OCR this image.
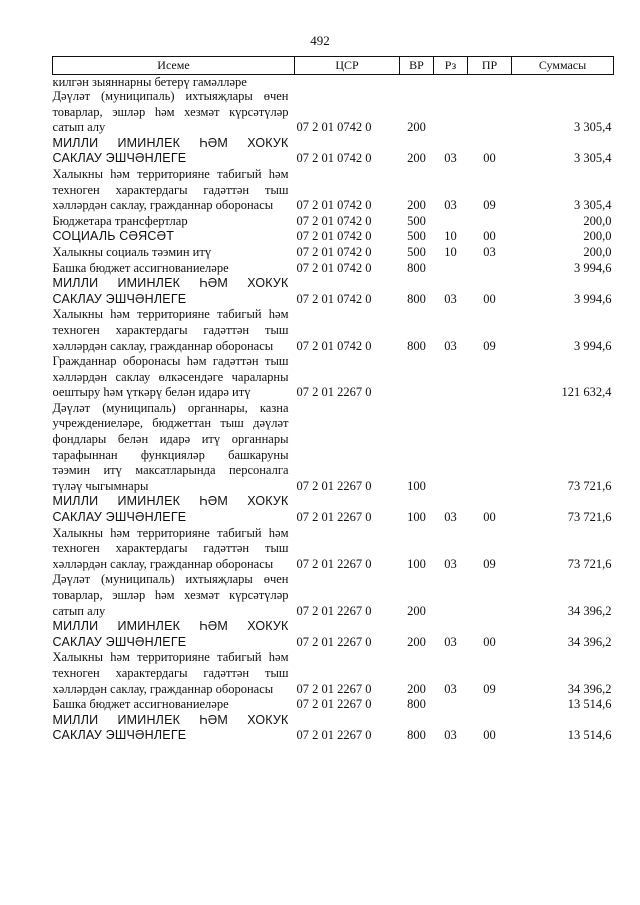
492
Исеме	ЦСР	ВР	Рз	ПР	Суммасы
килгән зыяннарны бетерү гамәлләре					
Дәүләт (муниципаль) ихтыяҗлары өчен товарлар, эшләр һәм хезмәт күрсәтүләр сатып алу	07 2 01 0742 0	200			3 305,4
МИЛЛИ ИМИНЛЕК ҺӘМ ХОКУК САКЛАУ ЭШЧӘНЛЕГЕ	07 2 01 0742 0	200	03	00	3 305,4
Халыкны һәм территорияне табигый һәм техноген характердагы гадәттән тыш хәлләрдән саклау, гражданнар оборонасы	07 2 01 0742 0	200	03	09	3 305,4
Бюджетара трансфертлар	07 2 01 0742 0	500			200,0
СОЦИАЛЬ СӘЯСӘТ	07 2 01 0742 0	500	10	00	200,0
Халыкны социаль тәэмин итү	07 2 01 0742 0	500	10	03	200,0
Башка бюджет ассигнованиеләре	07 2 01 0742 0	800			3 994,6
МИЛЛИ ИМИНЛЕК ҺӘМ ХОКУК САКЛАУ ЭШЧӘНЛЕГЕ	07 2 01 0742 0	800	03	00	3 994,6
Халыкны һәм территорияне табигый һәм техноген характердагы гадәттән тыш хәлләрдән саклау, гражданнар оборонасы	07 2 01 0742 0	800	03	09	3 994,6
Гражданнар оборонасы һәм гадәттән тыш хәлләрдән саклау өлкәсендәге чараларны оештыру һәм үткәрү белән идарә итү	07 2 01 2267 0				121 632,4
Дәүләт (муниципаль) органнары, казна учреждениеләре, бюджеттан тыш дәүләт фондлары белән идарә итү органнары тарафыннан функцияләр башкаруны тәэмин итү максатларында персоналга түләү чыгымнары	07 2 01 2267 0	100			73 721,6
МИЛЛИ ИМИНЛЕК ҺӘМ ХОКУК САКЛАУ ЭШЧӘНЛЕГЕ	07 2 01 2267 0	100	03	00	73 721,6
Халыкны һәм территорияне табигый һәм техноген характердагы гадәттән тыш хәлләрдән саклау, гражданнар оборонасы	07 2 01 2267 0	100	03	09	73 721,6
Дәүләт (муниципаль) ихтыяҗлары өчен товарлар, эшләр һәм хезмәт күрсәтүләр сатып алу	07 2 01 2267 0	200			34 396,2
МИЛЛИ ИМИНЛЕК ҺӘМ ХОКУК САКЛАУ ЭШЧӘНЛЕГЕ	07 2 01 2267 0	200	03	00	34 396,2
Халыкны һәм территорияне табигый һәм техноген характердагы гадәттән тыш хәлләрдән саклау, гражданнар оборонасы	07 2 01 2267 0	200	03	09	34 396,2
Башка бюджет ассигнованиеләре	07 2 01 2267 0	800			13 514,6
МИЛЛИ ИМИНЛЕК ҺӘМ ХОКУК САКЛАУ ЭШЧӘНЛЕГЕ	07 2 01 2267 0	800	03	00	13 514,6
